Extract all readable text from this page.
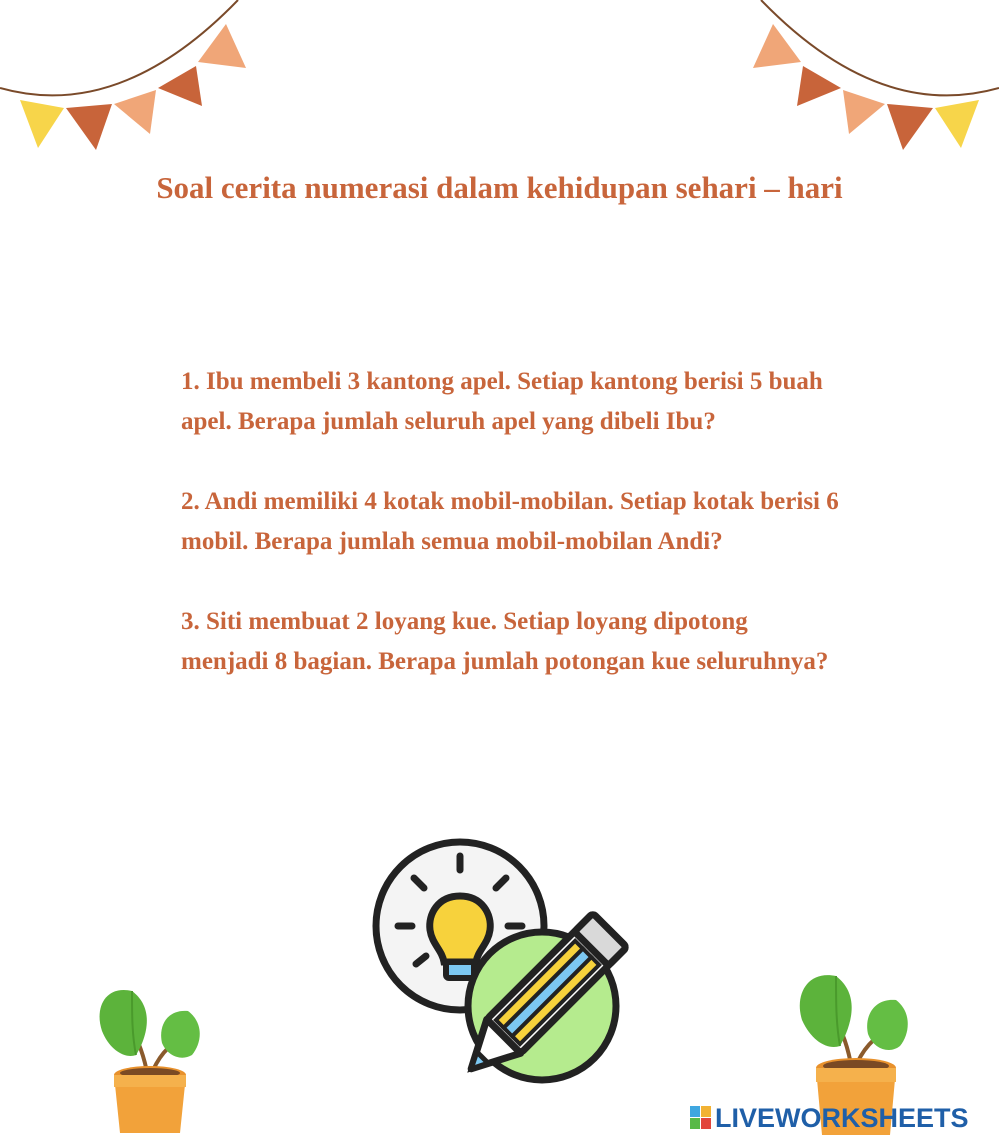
Soal cerita numerasi dalam kehidupan sehari – hari

1. Ibu membeli 3 kantong apel. Setiap kantong berisi 5 buah apel. Berapa jumlah seluruh apel yang dibeli Ibu?

2. Andi memiliki 4 kotak mobil-mobilan. Setiap kotak berisi 6 mobil. Berapa jumlah semua mobil-mobilan Andi?

3. Siti membuat 2 loyang kue. Setiap loyang dipotong menjadi 8 bagian. Berapa jumlah potongan kue seluruhnya?

LIVEWORKSHEETS
